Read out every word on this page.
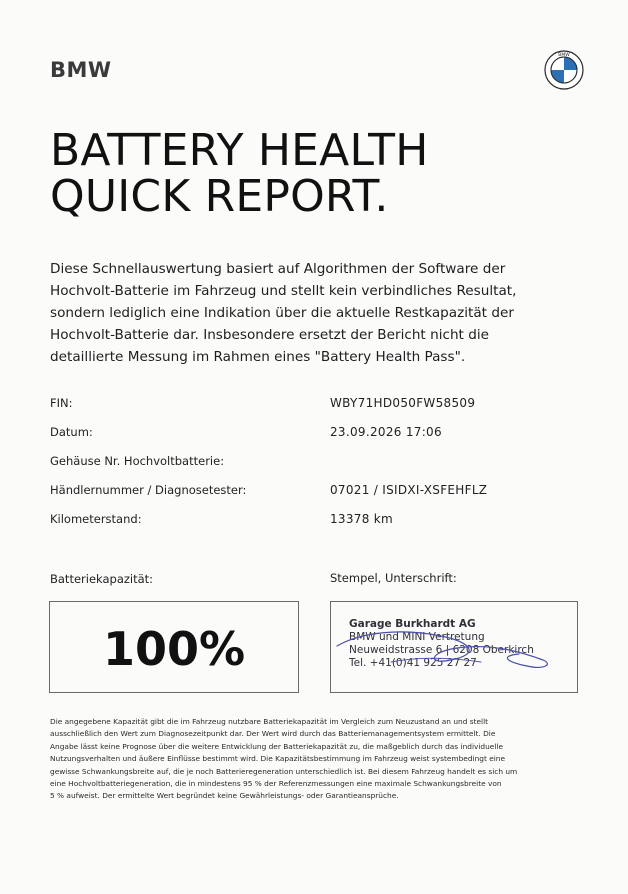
BMW
BMW
BATTERY HEALTH
QUICK REPORT.
Diese Schnellauswertung basiert auf Algorithmen der Software der
Hochvolt-Batterie im Fahrzeug und stellt kein verbindliches Resultat,
sondern lediglich eine Indikation über die aktuelle Restkapazität der
Hochvolt-Batterie dar. Insbesondere ersetzt der Bericht nicht die
detaillierte Messung im Rahmen eines "Battery Health Pass".
FIN:	WBY71HD050FW58509
Datum:	23.09.2026 17:06
Gehäuse Nr. Hochvoltbatterie:
Händlernummer / Diagnosetester:	07021 / ISIDXI-XSFEHFLZ
Kilometerstand:	13378 km
Batteriekapazität:	Stempel, Unterschrift:
100%	Garage Burkhardt AG
BMW und MINI Vertretung
Neuweidstrasse 6 | 6208 Oberkirch
Tel. +41(0)41 925 27 27
Die angegebene Kapazität gibt die im Fahrzeug nutzbare Batteriekapazität im Vergleich zum Neuzustand an und stellt
ausschließlich den Wert zum Diagnosezeitpunkt dar. Der Wert wird durch das Batteriemanagementsystem ermittelt. Die
Angabe lässt keine Prognose über die weitere Entwicklung der Batteriekapazität zu, die maßgeblich durch das individuelle
Nutzungsverhalten und äußere Einflüsse bestimmt wird. Die Kapazitätsbestimmung im Fahrzeug weist systembedingt eine
gewisse Schwankungsbreite auf, die je noch Batterieregeneration unterschiedlich ist. Bei diesem Fahrzeug handelt es sich um
eine Hochvoltbatteriegeneration, die in mindestens 95 % der Referenzmessungen eine maximale Schwankungsbreite von
5 % aufweist. Der ermittelte Wert begründet keine Gewährleistungs- oder Garantieansprüche.
